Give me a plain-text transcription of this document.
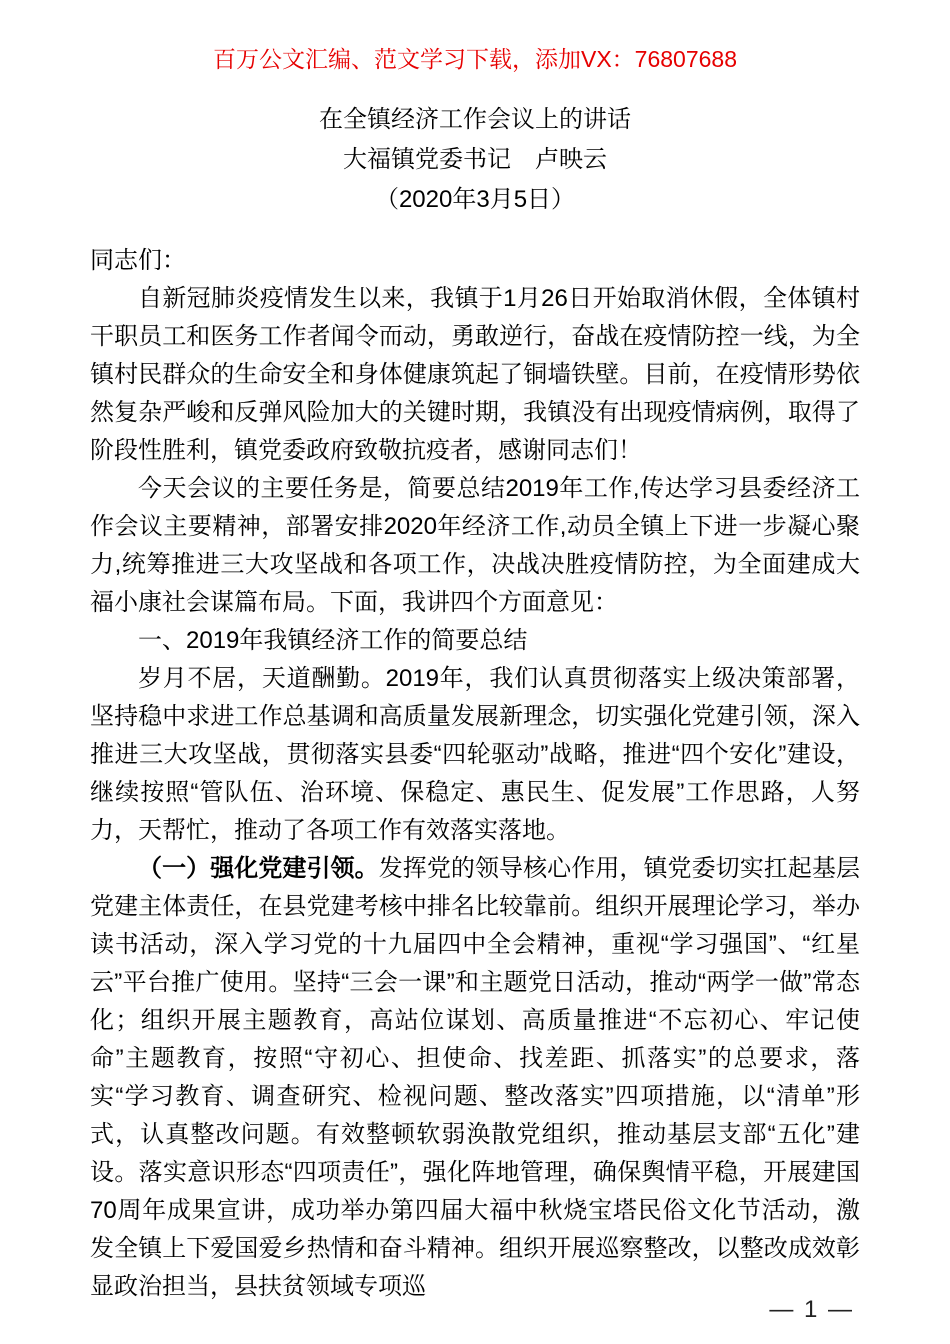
百万公文汇编、范文学习下载，添加VX：76807688
在全镇经济工作会议上的讲话
大福镇党委书记　卢映云
（2020年3月5日）

同志们：

自新冠肺炎疫情发生以来，我镇于1月26日开始取消休假，全体镇村干职员工和医务工作者闻令而动，勇敢逆行，奋战在疫情防控一线，为全镇村民群众的生命安全和身体健康筑起了铜墙铁壁。目前，在疫情形势依然复杂严峻和反弹风险加大的关键时期，我镇没有出现疫情病例，取得了阶段性胜利，镇党委政府致敬抗疫者，感谢同志们！

今天会议的主要任务是，简要总结2019年工作,传达学习县委经济工作会议主要精神，部署安排2020年经济工作,动员全镇上下进一步凝心聚力,统筹推进三大攻坚战和各项工作，决战决胜疫情防控，为全面建成大福小康社会谋篇布局。下面，我讲四个方面意见：

一、2019年我镇经济工作的简要总结

岁月不居，天道酬勤。2019年，我们认真贯彻落实上级决策部署，坚持稳中求进工作总基调和高质量发展新理念，切实强化党建引领，深入推进三大攻坚战，贯彻落实县委“四轮驱动”战略，推进“四个安化”建设，继续按照“管队伍、治环境、保稳定、惠民生、促发展”工作思路，人努力，天帮忙，推动了各项工作有效落实落地。

（一）强化党建引领。发挥党的领导核心作用，镇党委切实扛起基层党建主体责任，在县党建考核中排名比较靠前。组织开展理论学习，举办读书活动，深入学习党的十九届四中全会精神，重视“学习强国”、“红星云”平台推广使用。坚持“三会一课”和主题党日活动，推动“两学一做”常态化；组织开展主题教育，高站位谋划、高质量推进“不忘初心、牢记使命”主题教育，按照“守初心、担使命、找差距、抓落实”的总要求，落实“学习教育、调查研究、检视问题、整改落实”四项措施，以“清单”形式，认真整改问题。有效整顿软弱涣散党组织，推动基层支部“五化”建设。落实意识形态“四项责任”，强化阵地管理，确保舆情平稳，开展建国70周年成果宣讲，成功举办第四届大福中秋烧宝塔民俗文化节活动，激发全镇上下爱国爱乡热情和奋斗精神。组织开展巡察整改，以整改成效彰显政治担当，县扶贫领域专项巡

— 1 —
